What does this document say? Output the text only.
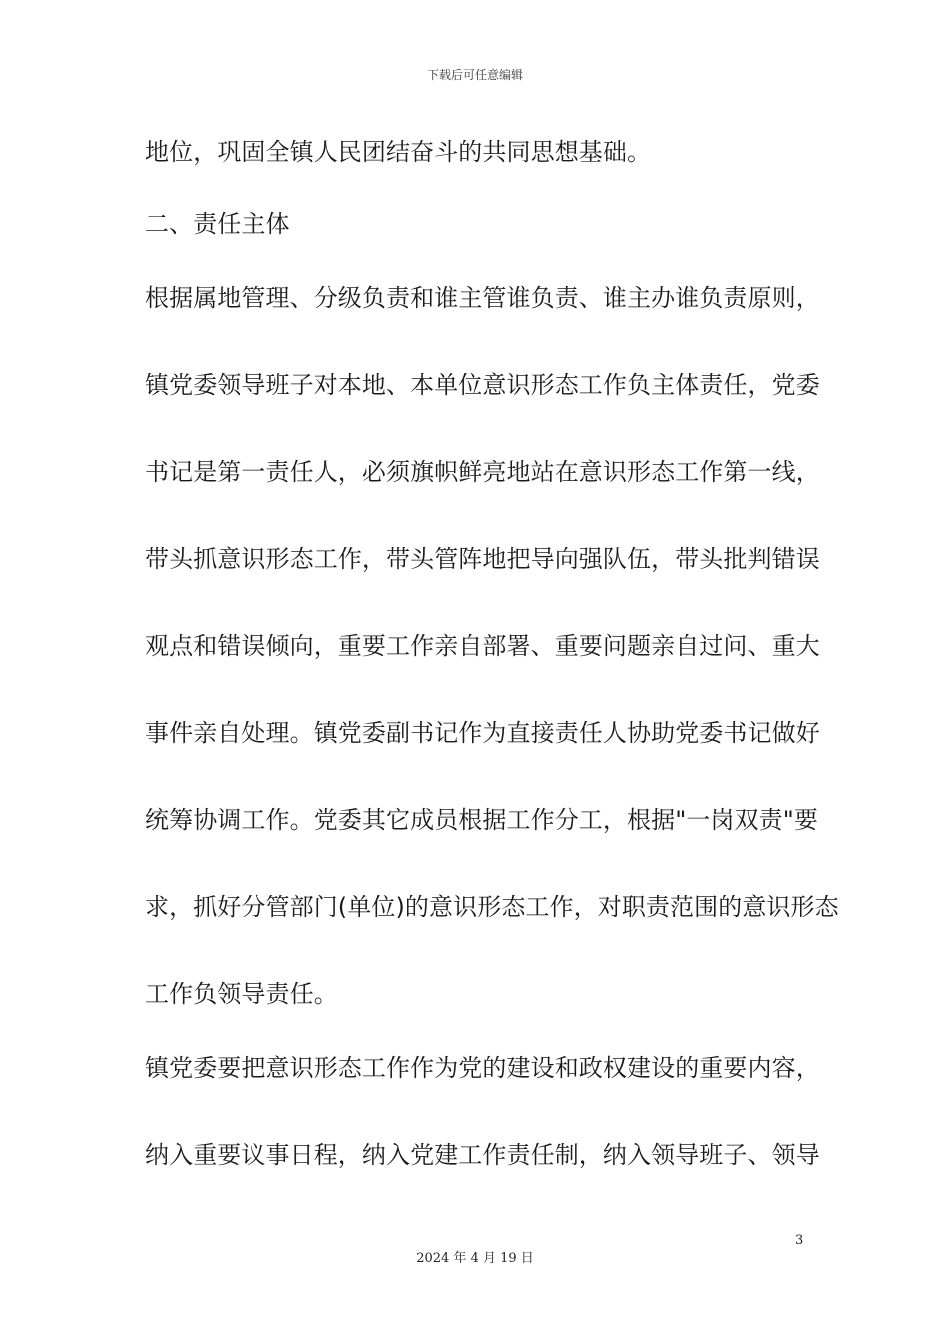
下载后可任意编辑
地位，巩固全镇人民团结奋斗的共同思想基础。
二、责任主体
根据属地管理、分级负责和谁主管谁负责、谁主办谁负责原则，
镇党委领导班子对本地、本单位意识形态工作负主体责任，党委
书记是第一责任人，必须旗帜鲜亮地站在意识形态工作第一线，
带头抓意识形态工作，带头管阵地把导向强队伍，带头批判错误
观点和错误倾向，重要工作亲自部署、重要问题亲自过问、重大
事件亲自处理。镇党委副书记作为直接责任人协助党委书记做好
统筹协调工作。党委其它成员根据工作分工，根据"一岗双责"要
求，抓好分管部门(单位)的意识形态工作，对职责范围的意识形态
工作负领导责任。
镇党委要把意识形态工作作为党的建设和政权建设的重要内容，
纳入重要议事日程，纳入党建工作责任制，纳入领导班子、领导
3
2024 年 4 月 19 日
